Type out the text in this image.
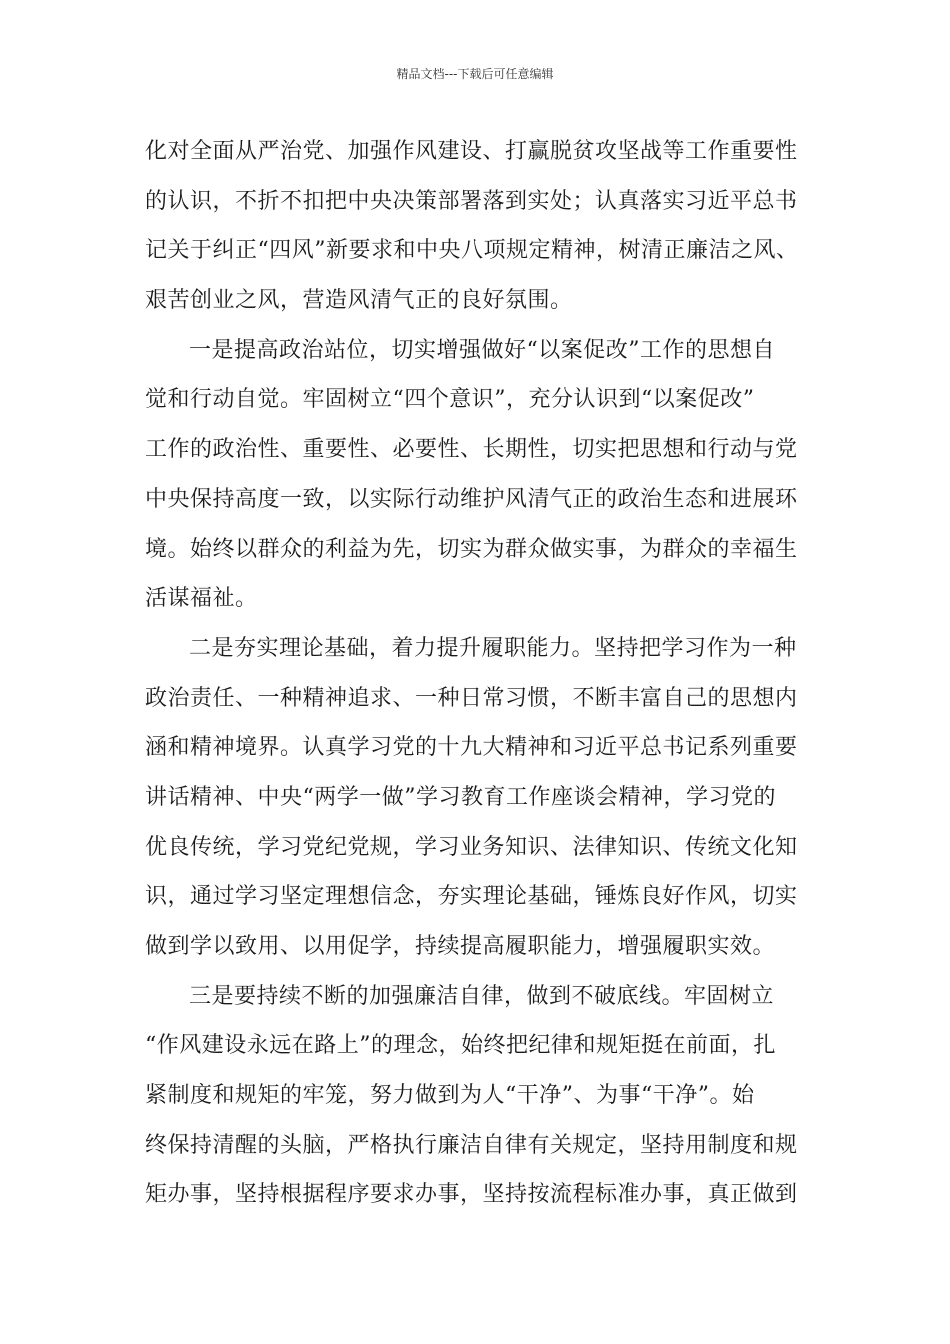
精品文档---下载后可任意编辑
化对全面从严治党、加强作风建设、打赢脱贫攻坚战等工作重要性
的认识，不折不扣把中央决策部署落到实处；认真落实习近平总书
记关于纠正“四风”新要求和中央八项规定精神，树清正廉洁之风、
艰苦创业之风，营造风清气正的良好氛围。
一是提高政治站位，切实增强做好“以案促改”工作的思想自
觉和行动自觉。牢固树立“四个意识”，充分认识到“以案促改”
工作的政治性、重要性、必要性、长期性，切实把思想和行动与党
中央保持高度一致，以实际行动维护风清气正的政治生态和进展环
境。始终以群众的利益为先，切实为群众做实事，为群众的幸福生
活谋福祉。
二是夯实理论基础，着力提升履职能力。坚持把学习作为一种
政治责任、一种精神追求、一种日常习惯，不断丰富自己的思想内
涵和精神境界。认真学习党的十九大精神和习近平总书记系列重要
讲话精神、中央“两学一做”学习教育工作座谈会精神，学习党的
优良传统，学习党纪党规，学习业务知识、法律知识、传统文化知
识，通过学习坚定理想信念，夯实理论基础，锤炼良好作风，切实
做到学以致用、以用促学，持续提高履职能力，增强履职实效。
三是要持续不断的加强廉洁自律，做到不破底线。牢固树立
“作风建设永远在路上”的理念，始终把纪律和规矩挺在前面，扎
紧制度和规矩的牢笼，努力做到为人“干净”、为事“干净”。始
终保持清醒的头脑，严格执行廉洁自律有关规定，坚持用制度和规
矩办事，坚持根据程序要求办事，坚持按流程标准办事，真正做到
